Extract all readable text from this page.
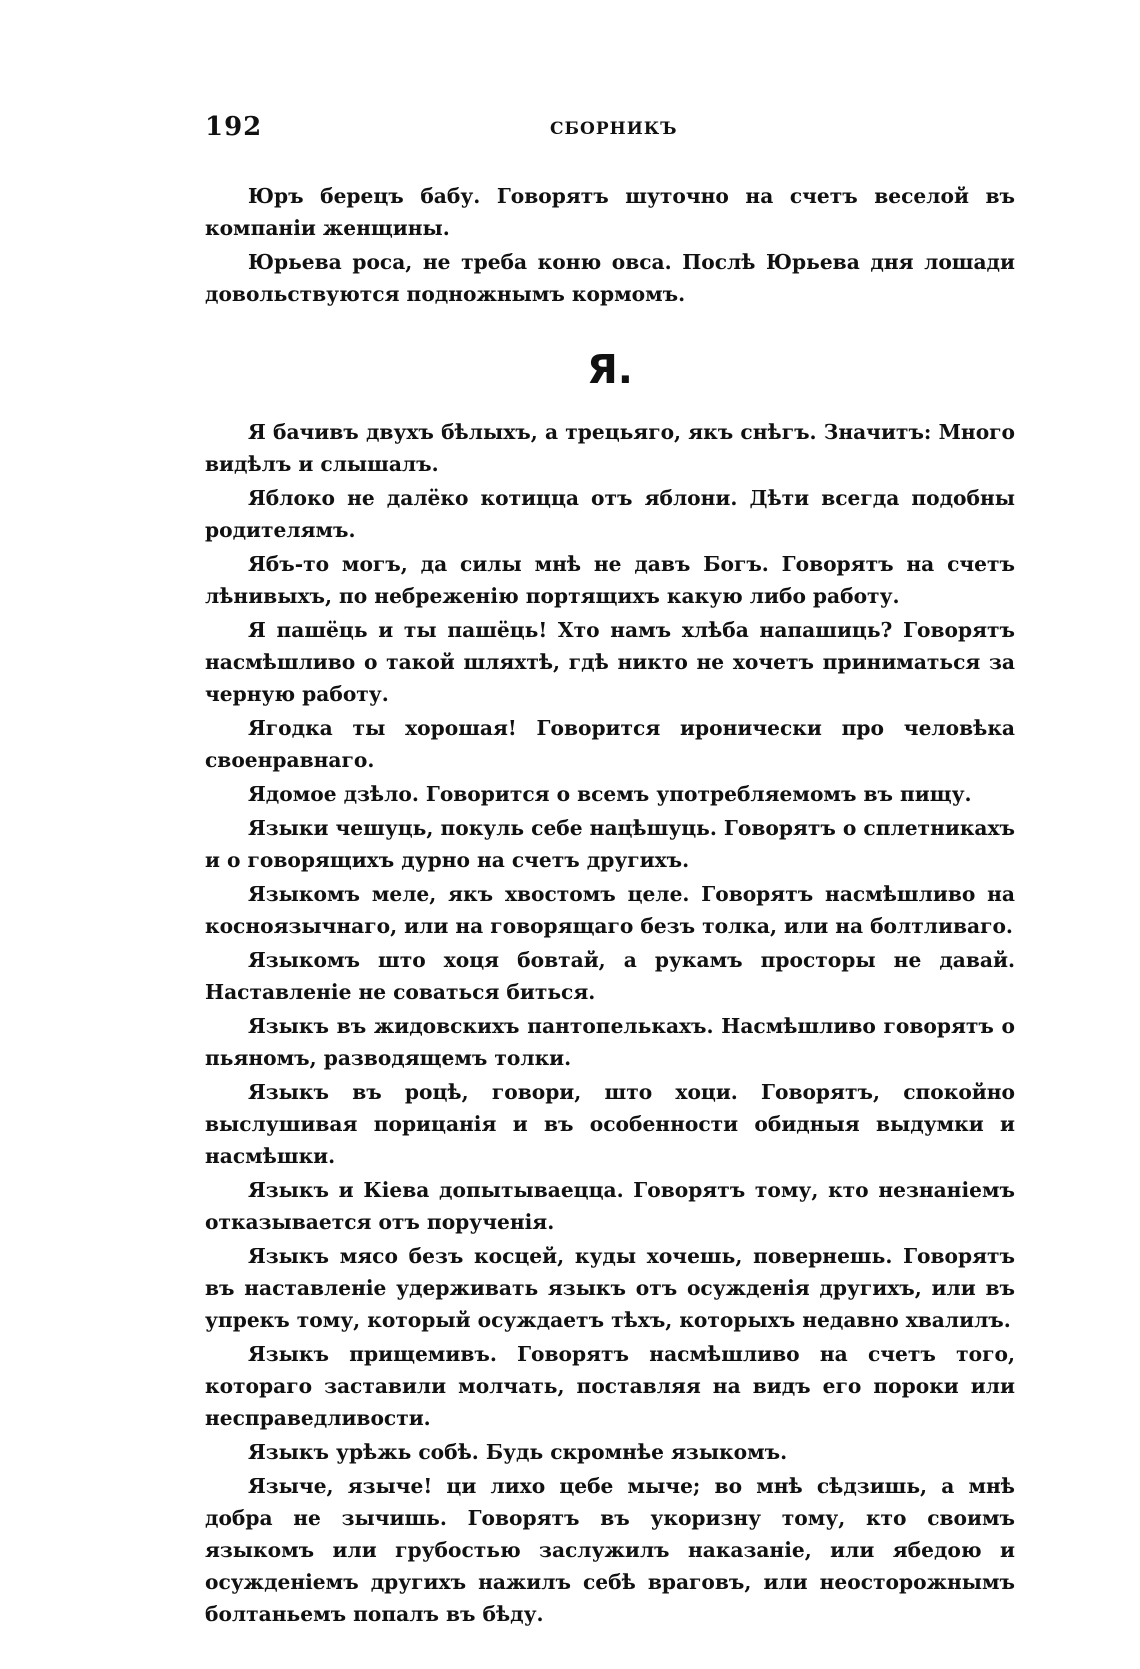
192	СБОРНИКЪ

Юръ берецъ бабу. Говорятъ шуточно на счетъ веселой въ компаніи женщины.

Юрьева роса, не треба коню овса. Послѣ Юрьева дня лошади довольствуются подножнымъ кормомъ.

Я.

Я бачивъ двухъ бѣлыхъ, а трецьяго, якъ снѣгъ. Значитъ: Много видѣлъ и слышалъ.

Яблоко не далёко котицца отъ яблони. Дѣти всегда подобны родителямъ.

Ябъ-то могъ, да силы мнѣ не давъ Богъ. Говорятъ на счетъ лѣнивыхъ, по небреженію портящихъ какую либо работу.

Я пашёць и ты пашёць! Хто намъ хлѣба напашиць? Говорятъ насмѣшливо о такой шляхтѣ, гдѣ никто не хочетъ приниматься за черную работу.

Ягодка ты хорошая! Говорится иронически про человѣка своенравнаго.

Ядомое дзѣло. Говорится о всемъ употребляемомъ въ пищу.

Языки чешуць, покуль себе нацѣшуць. Говорятъ о сплетникахъ и о говорящихъ дурно на счетъ другихъ.

Языкомъ меле, якъ хвостомъ целе. Говорятъ насмѣшливо на косноязычнаго, или на говорящаго безъ толка, или на болтливаго.

Языкомъ што хоця бовтай, а рукамъ просторы не давай. Наставленіе не соваться биться.

Языкъ въ жидовскихъ пантопелькахъ. Насмѣшливо говорятъ о пьяномъ, разводящемъ толки.

Языкъ въ роцѣ, говори, што хоци. Говорятъ, спокойно выслушивая порицанія и въ особенности обидныя выдумки и насмѣшки.

Языкъ и Кіева допытываецца. Говорятъ тому, кто незнаніемъ отказывается отъ порученія.

Языкъ мясо безъ косцей, куды хочешь, повернешь. Говорятъ въ наставленіе удерживать языкъ отъ осужденія другихъ, или въ упрекъ тому, который осуждаетъ тѣхъ, которыхъ недавно хвалилъ.

Языкъ прищемивъ. Говорятъ насмѣшливо на счетъ того, котораго заставили молчать, поставляя на видъ его пороки или несправедливости.

Языкъ урѣжь собѣ. Будь скромнѣе языкомъ.

Языче, языче! ци лихо цебе мыче; во мнѣ сѣдзишь, а мнѣ добра не зычишь. Говорятъ въ укоризну тому, кто своимъ языкомъ или грубостью заслужилъ наказаніе, или ябедою и осужденіемъ другихъ нажилъ себѣ враговъ, или неосторожнымъ болтаньемъ попалъ въ бѣду.
